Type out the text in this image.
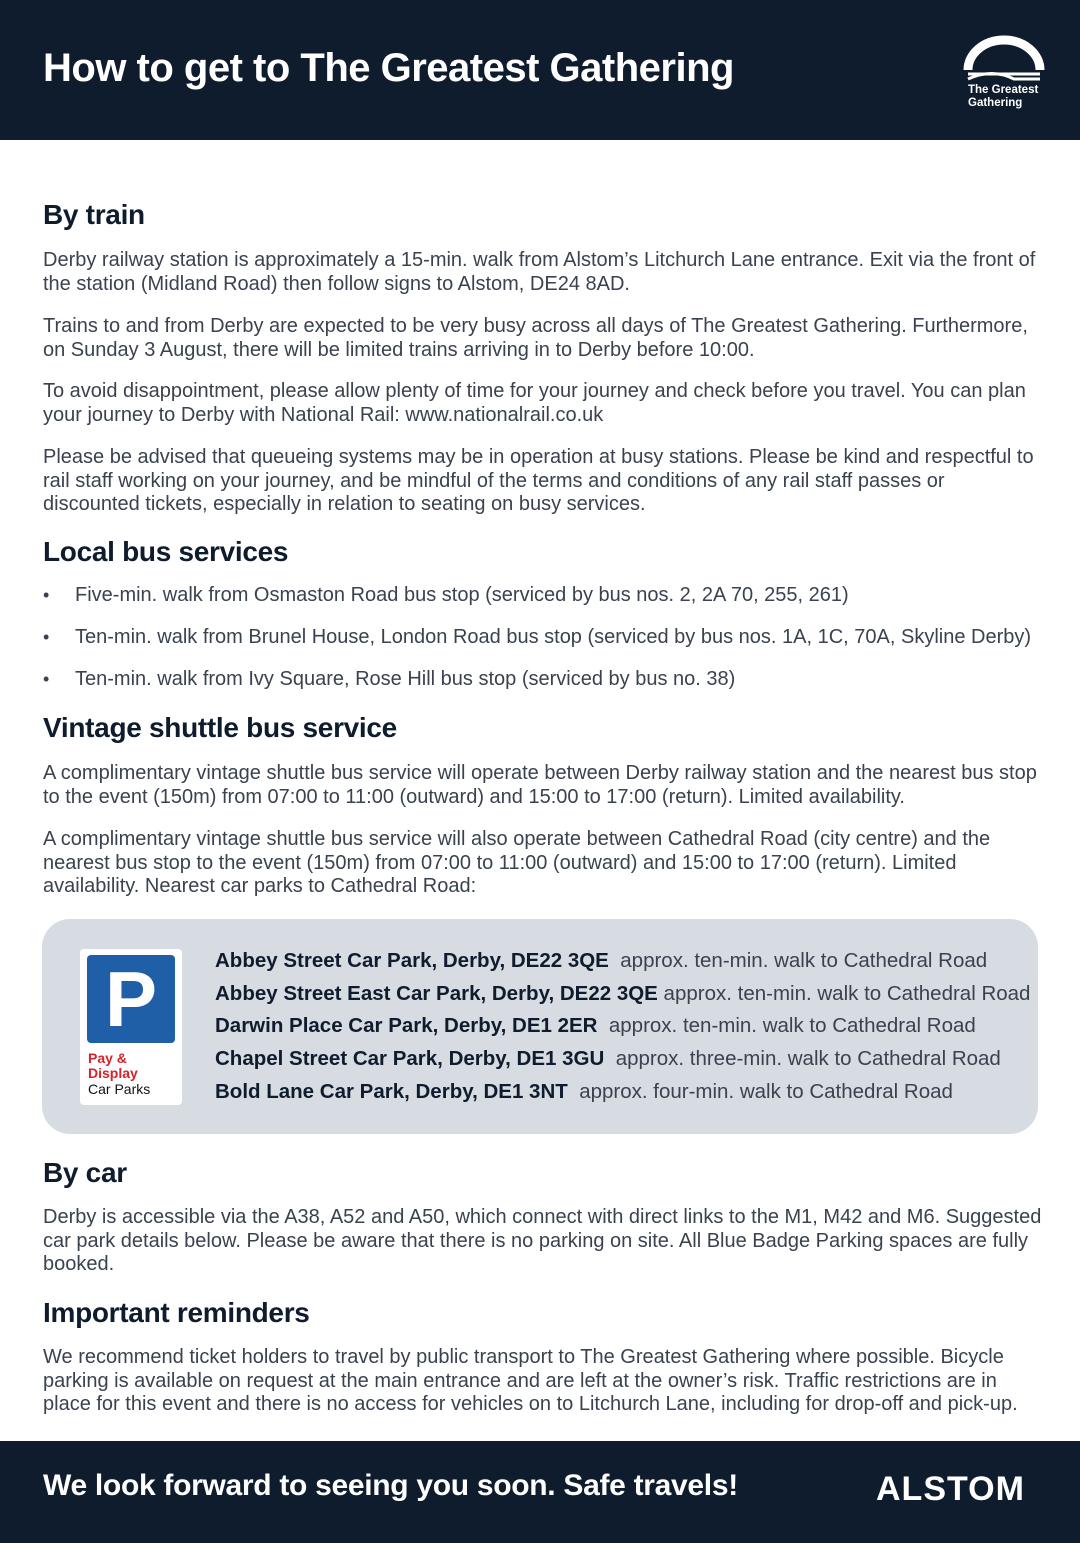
How to get to The Greatest Gathering	The Greatest
Gathering
By train

Derby railway station is approximately a 15-min. walk from Alstom’s Litchurch Lane entrance. Exit via the front of the station (Midland Road) then follow signs to Alstom, DE24 8AD.

Trains to and from Derby are expected to be very busy across all days of The Greatest Gathering. Furthermore, on Sunday 3 August, there will be limited trains arriving in to Derby before 10:00.

To avoid disappointment, please allow plenty of time for your journey and check before you travel. You can plan your journey to Derby with National Rail: www.nationalrail.co.uk

Please be advised that queueing systems may be in operation at busy stations. Please be kind and respectful to rail staff working on your journey, and be mindful of the terms and conditions of any rail staff passes or discounted tickets, especially in relation to seating on busy services.

Local bus services
• Five-min. walk from Osmaston Road bus stop (serviced by bus nos. 2, 2A 70, 255, 261)
• Ten-min. walk from Brunel House, London Road bus stop (serviced by bus nos. 1A, 1C, 70A, Skyline Derby)
• Ten-min. walk from Ivy Square, Rose Hill bus stop (serviced by bus no. 38)
Vintage shuttle bus service

A complimentary vintage shuttle bus service will operate between Derby railway station and the nearest bus stop to the event (150m) from 07:00 to 11:00 (outward) and 15:00 to 17:00 (return). Limited availability.

A complimentary vintage shuttle bus service will also operate between Cathedral Road (city centre) and the nearest bus stop to the event (150m) from 07:00 to 11:00 (outward) and 15:00 to 17:00 (return). Limited availability. Nearest car parks to Cathedral Road:

P
Pay &
Display
Car Parks
Abbey Street Car Park, Derby, DE22 3QE approx. ten-min. walk to Cathedral Road
Abbey Street East Car Park, Derby, DE22 3QE approx. ten-min. walk to Cathedral Road
Darwin Place Car Park, Derby, DE1 2ER approx. ten-min. walk to Cathedral Road
Chapel Street Car Park, Derby, DE1 3GU approx. three-min. walk to Cathedral Road
Bold Lane Car Park, Derby, DE1 3NT approx. four-min. walk to Cathedral Road
By car

Derby is accessible via the A38, A52 and A50, which connect with direct links to the M1, M42 and M6. Suggested car park details below. Please be aware that there is no parking on site. All Blue Badge Parking spaces are fully booked.

Important reminders

We recommend ticket holders to travel by public transport to The Greatest Gathering where possible. Bicycle parking is available on request at the main entrance and are left at the owner’s risk. Traffic restrictions are in place for this event and there is no access for vehicles on to Litchurch Lane, including for drop-off and pick-up.

We look forward to seeing you soon. Safe travels!	ALSTOM
